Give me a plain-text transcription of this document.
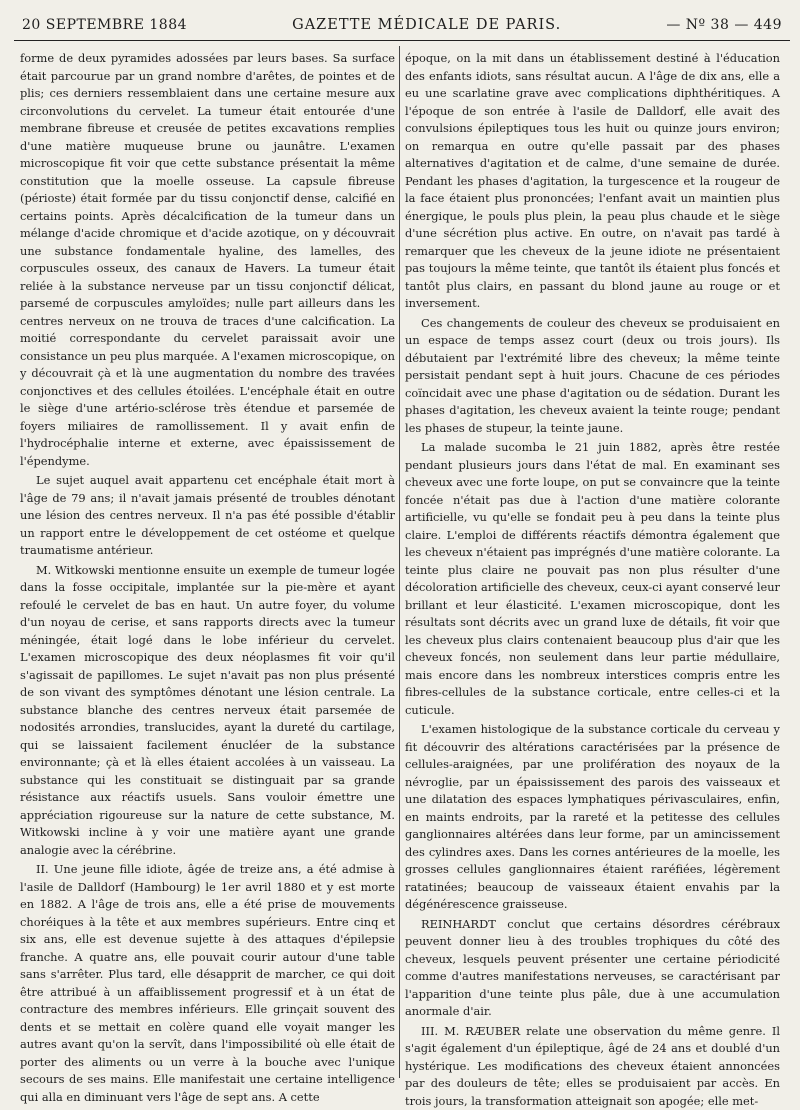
20 SEPTEMBRE 1884	GAZETTE MÉDICALE DE PARIS.	— Nº 38 — 449

forme de deux pyramides adossées par leurs bases. Sa surface était parcourue par un grand nombre d'arêtes, de pointes et de plis; ces derniers ressemblaient dans une certaine mesure aux circonvolutions du cervelet. La tumeur était entourée d'une membrane fibreuse et creusée de petites excavations remplies d'une matière muqueuse brune ou jaunâtre. L'examen microscopique fit voir que cette substance présentait la même constitution que la moelle osseuse. La capsule fibreuse (périoste) était formée par du tissu conjonctif dense, calcifié en certains points. Après décalcification de la tumeur dans un mélange d'acide chromique et d'acide azotique, on y découvrait une substance fondamentale hyaline, des lamelles, des corpuscules osseux, des canaux de Havers. La tumeur était reliée à la substance nerveuse par un tissu conjonctif délicat, parsemé de corpuscules amyloïdes; nulle part ailleurs dans les centres nerveux on ne trouva de traces d'une calcification. La moitié correspondante du cervelet paraissait avoir une consistance un peu plus marquée. A l'examen microscopique, on y découvrait çà et là une augmentation du nombre des travées conjonctives et des cellules étoilées. L'encéphale était en outre le siège d'une artério-sclérose très étendue et parsemée de foyers miliaires de ramollissement. Il y avait enfin de l'hydrocéphalie interne et externe, avec épaississement de l'épendyme.

Le sujet auquel avait appartenu cet encéphale était mort à l'âge de 79 ans; il n'avait jamais présenté de troubles dénotant une lésion des centres nerveux. Il n'a pas été possible d'établir un rapport entre le développement de cet ostéome et quelque traumatisme antérieur.

M. Witkowski mentionne ensuite un exemple de tumeur logée dans la fosse occipitale, implantée sur la pie-mère et ayant refoulé le cervelet de bas en haut. Un autre foyer, du volume d'un noyau de cerise, et sans rapports directs avec la tumeur méningée, était logé dans le lobe inférieur du cervelet. L'examen microscopique des deux néoplasmes fit voir qu'il s'agissait de papillomes. Le sujet n'avait pas non plus présenté de son vivant des symptômes dénotant une lésion centrale. La substance blanche des centres nerveux était parsemée de nodosités arrondies, translucides, ayant la dureté du cartilage, qui se laissaient facilement énucléer de la substance environnante; çà et là elles étaient accolées à un vaisseau. La substance qui les constituait se distinguait par sa grande résistance aux réactifs usuels. Sans vouloir émettre une appréciation rigoureuse sur la nature de cette substance, M. Witkowski incline à y voir une matière ayant une grande analogie avec la cérébrine.

II. Une jeune fille idiote, âgée de treize ans, a été admise à l'asile de Dalldorf (Hambourg) le 1er avril 1880 et y est morte en 1882. A l'âge de trois ans, elle a été prise de mouvements choréiques à la tête et aux membres supérieurs. Entre cinq et six ans, elle est devenue sujette à des attaques d'épilepsie franche. A quatre ans, elle pouvait courir autour d'une table sans s'arrêter. Plus tard, elle désapprit de marcher, ce qui doit être attribué à un affaiblissement progressif et à un état de contracture des membres inférieurs. Elle grinçait souvent des dents et se mettait en colère quand elle voyait manger les autres avant qu'on la servît, dans l'impossibilité où elle était de porter des aliments ou un verre à la bouche avec l'unique secours de ses mains. Elle manifestait une certaine intelligence qui alla en diminuant vers l'âge de sept ans. A cette

époque, on la mit dans un établissement destiné à l'éducation des enfants idiots, sans résultat aucun. A l'âge de dix ans, elle a eu une scarlatine grave avec complications diphthéritiques. A l'époque de son entrée à l'asile de Dalldorf, elle avait des convulsions épileptiques tous les huit ou quinze jours environ; on remarqua en outre qu'elle passait par des phases alternatives d'agitation et de calme, d'une semaine de durée. Pendant les phases d'agitation, la turgescence et la rougeur de la face étaient plus prononcées; l'enfant avait un maintien plus énergique, le pouls plus plein, la peau plus chaude et le siège d'une sécrétion plus active. En outre, on n'avait pas tardé à remarquer que les cheveux de la jeune idiote ne présentaient pas toujours la même teinte, que tantôt ils étaient plus foncés et tantôt plus clairs, en passant du blond jaune au rouge or et inversement.

Ces changements de couleur des cheveux se produisaient en un espace de temps assez court (deux ou trois jours). Ils débutaient par l'extrémité libre des cheveux; la même teinte persistait pendant sept à huit jours. Chacune de ces périodes coïncidait avec une phase d'agitation ou de sédation. Durant les phases d'agitation, les cheveux avaient la teinte rouge; pendant les phases de stupeur, la teinte jaune.

La malade sucomba le 21 juin 1882, après être restée pendant plusieurs jours dans l'état de mal. En examinant ses cheveux avec une forte loupe, on put se convaincre que la teinte foncée n'était pas due à l'action d'une matière colorante artificielle, vu qu'elle se fondait peu à peu dans la teinte plus claire. L'emploi de différents réactifs démontra également que les cheveux n'étaient pas imprégnés d'une matière colorante. La teinte plus claire ne pouvait pas non plus résulter d'une décoloration artificielle des cheveux, ceux-ci ayant conservé leur brillant et leur élasticité. L'examen microscopique, dont les résultats sont décrits avec un grand luxe de détails, fit voir que les cheveux plus clairs contenaient beaucoup plus d'air que les cheveux foncés, non seulement dans leur partie médullaire, mais encore dans les nombreux interstices compris entre les fibres-cellules de la substance corticale, entre celles-ci et la cuticule.

L'examen histologique de la substance corticale du cerveau y fit découvrir des altérations caractérisées par la présence de cellules-araignées, par une prolifération des noyaux de la névroglie, par un épaississement des parois des vaisseaux et une dilatation des espaces lymphatiques périvasculaires, enfin, en maints endroits, par la rareté et la petitesse des cellules ganglionnaires altérées dans leur forme, par un amincissement des cylindres axes. Dans les cornes antérieures de la moelle, les grosses cellules ganglionnaires étaient raréfiées, légèrement ratatinées; beaucoup de vaisseaux étaient envahis par la dégénérescence graisseuse.

REINHARDT conclut que certains désordres cérébraux peuvent donner lieu à des troubles trophiques du côté des cheveux, lesquels peuvent présenter une certaine périodicité comme d'autres manifestations nerveuses, se caractérisant par l'apparition d'une teinte plus pâle, due à une accumulation anormale d'air.

III. M. RÆUBER relate une observation du même genre. Il s'agit également d'un épileptique, âgé de 24 ans et doublé d'un hystérique. Les modifications des cheveux étaient annoncées par des douleurs de tête; elles se produisaient par accès. En trois jours, la transformation atteignait son apogée; elle met-
